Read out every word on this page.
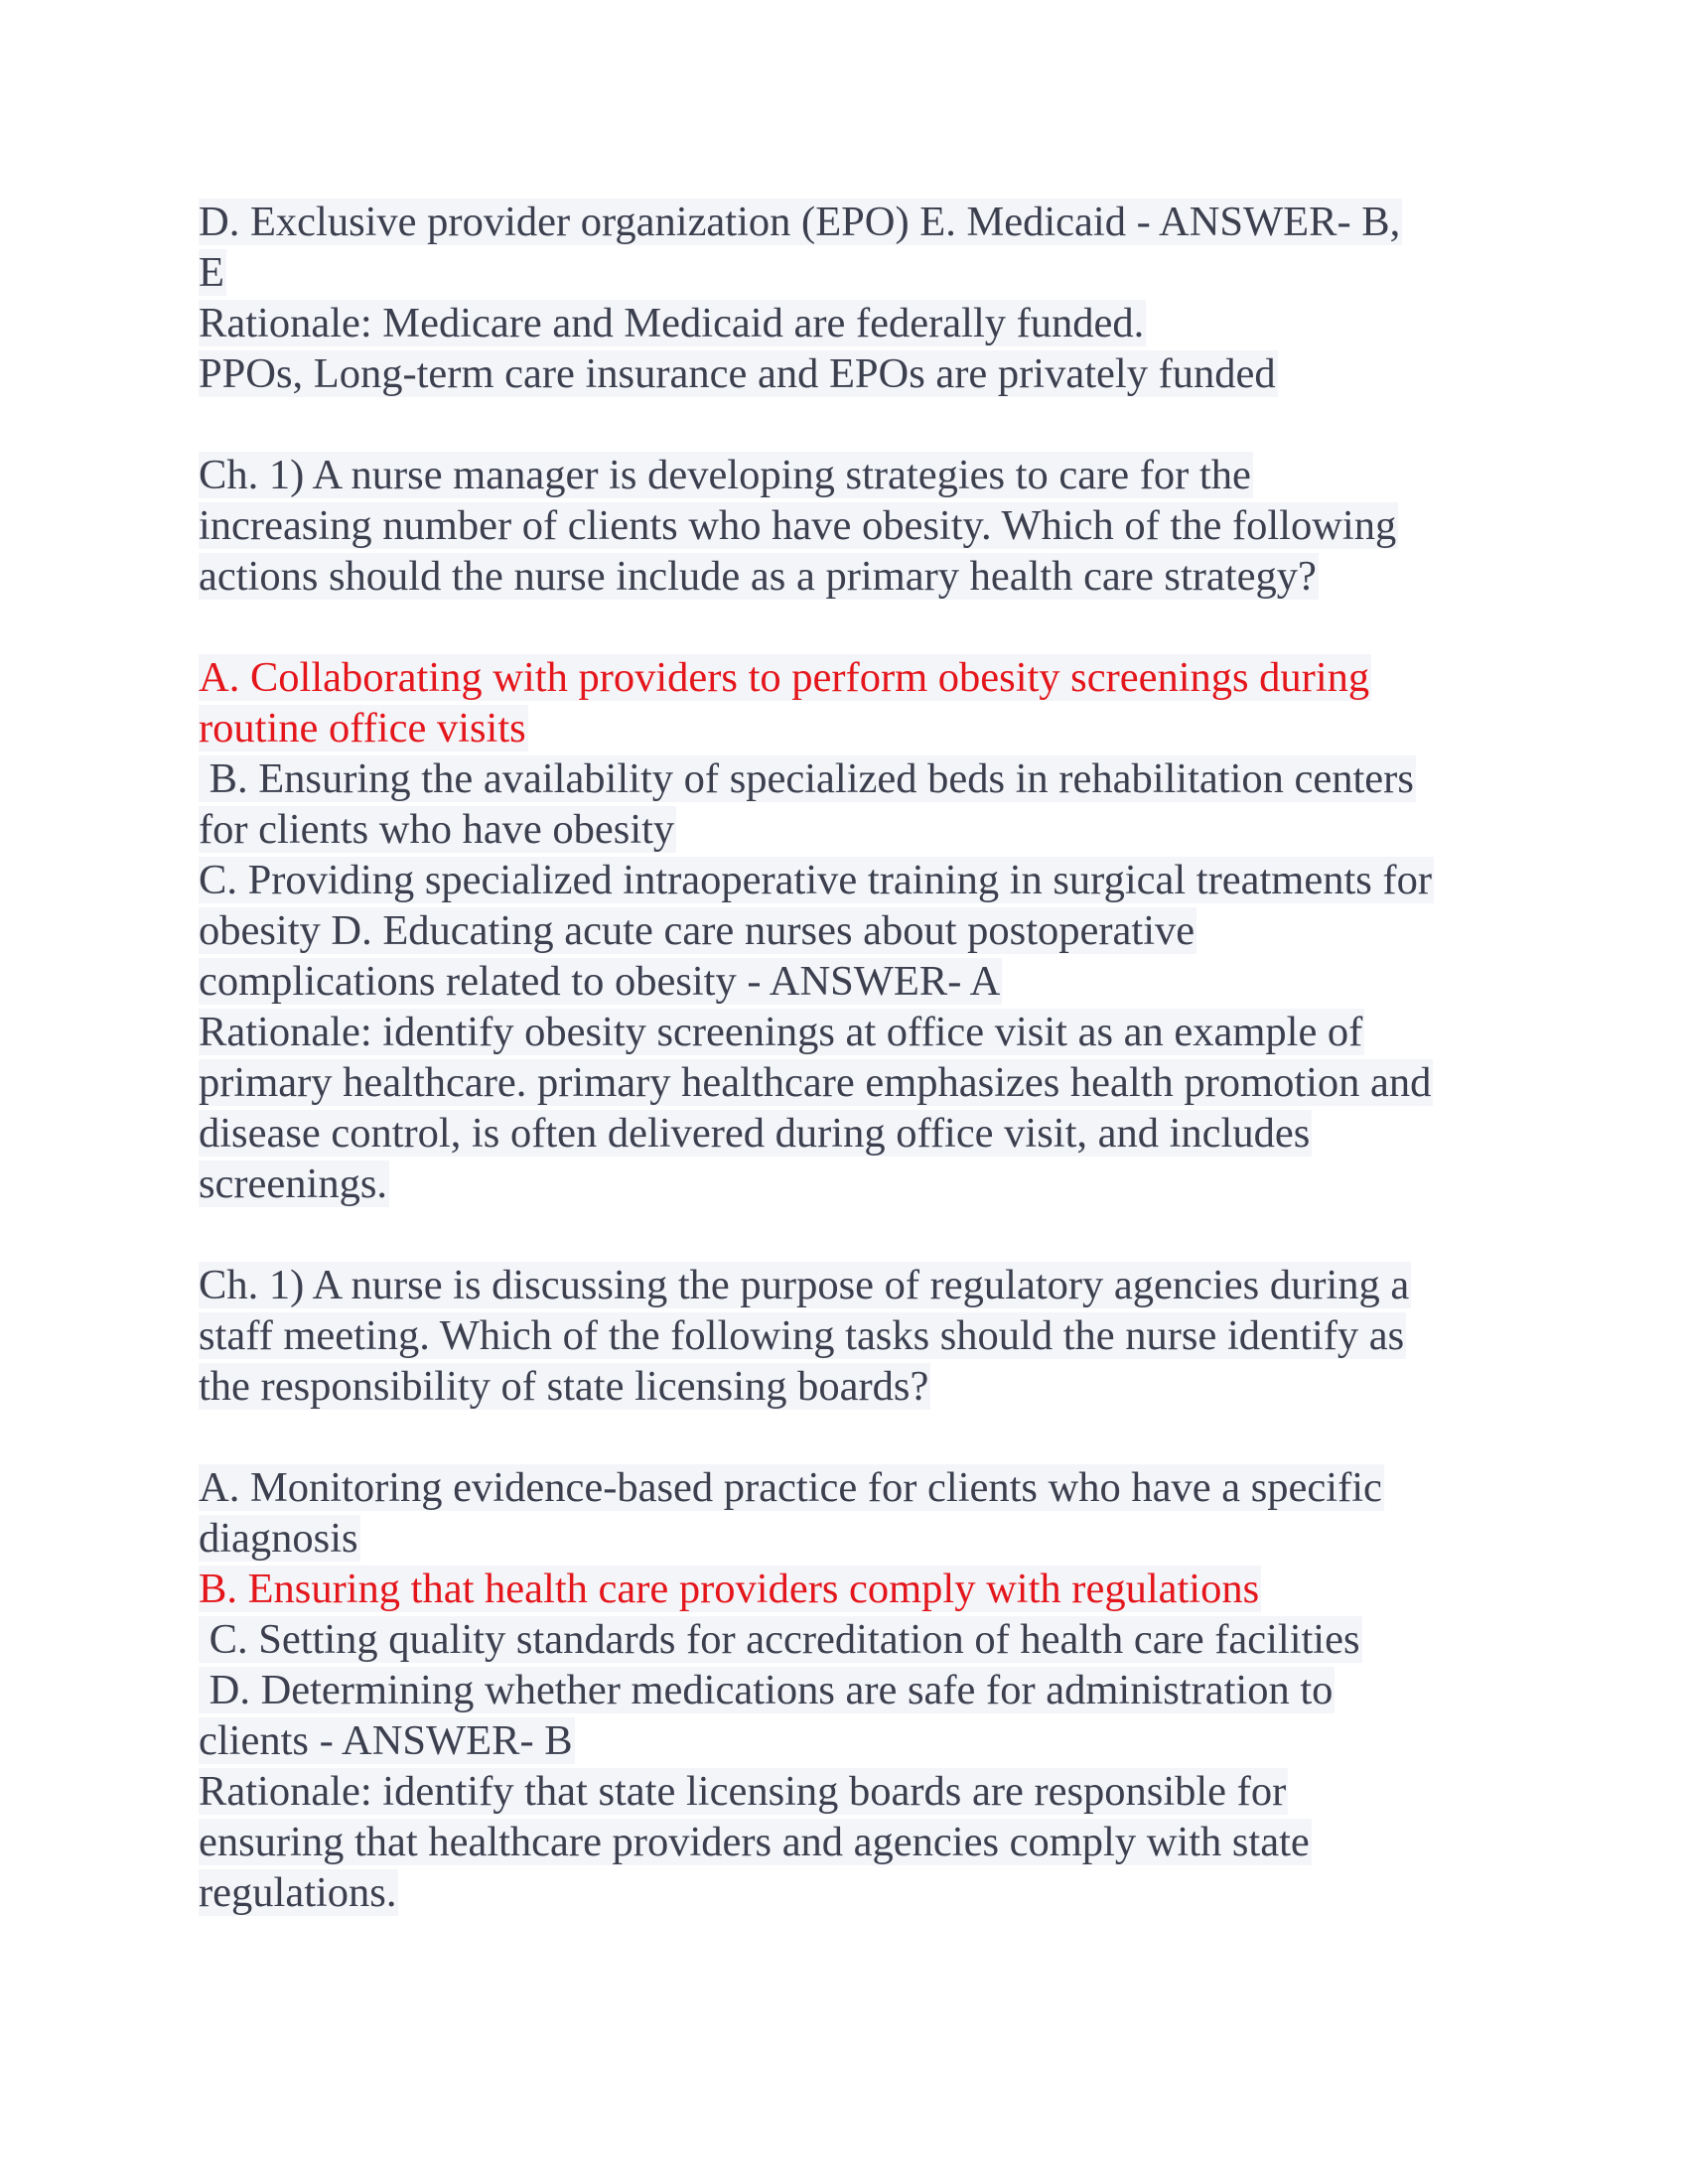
D. Exclusive provider organization (EPO) E. Medicaid - ANSWER- B,
E
Rationale: Medicare and Medicaid are federally funded.
PPOs, Long-term care insurance and EPOs are privately funded
Ch. 1) A nurse manager is developing strategies to care for the
increasing number of clients who have obesity. Which of the following
actions should the nurse include as a primary health care strategy?
A. Collaborating with providers to perform obesity screenings during
routine office visits
B. Ensuring the availability of specialized beds in rehabilitation centers
for clients who have obesity
C. Providing specialized intraoperative training in surgical treatments for
obesity D. Educating acute care nurses about postoperative
complications related to obesity - ANSWER- A
Rationale: identify obesity screenings at office visit as an example of
primary healthcare. primary healthcare emphasizes health promotion and
disease control, is often delivered during office visit, and includes
screenings.
Ch. 1) A nurse is discussing the purpose of regulatory agencies during a
staff meeting. Which of the following tasks should the nurse identify as
the responsibility of state licensing boards?
A. Monitoring evidence-based practice for clients who have a specific
diagnosis
B. Ensuring that health care providers comply with regulations
C. Setting quality standards for accreditation of health care facilities
D. Determining whether medications are safe for administration to
clients - ANSWER- B
Rationale: identify that state licensing boards are responsible for
ensuring that healthcare providers and agencies comply with state
regulations.
